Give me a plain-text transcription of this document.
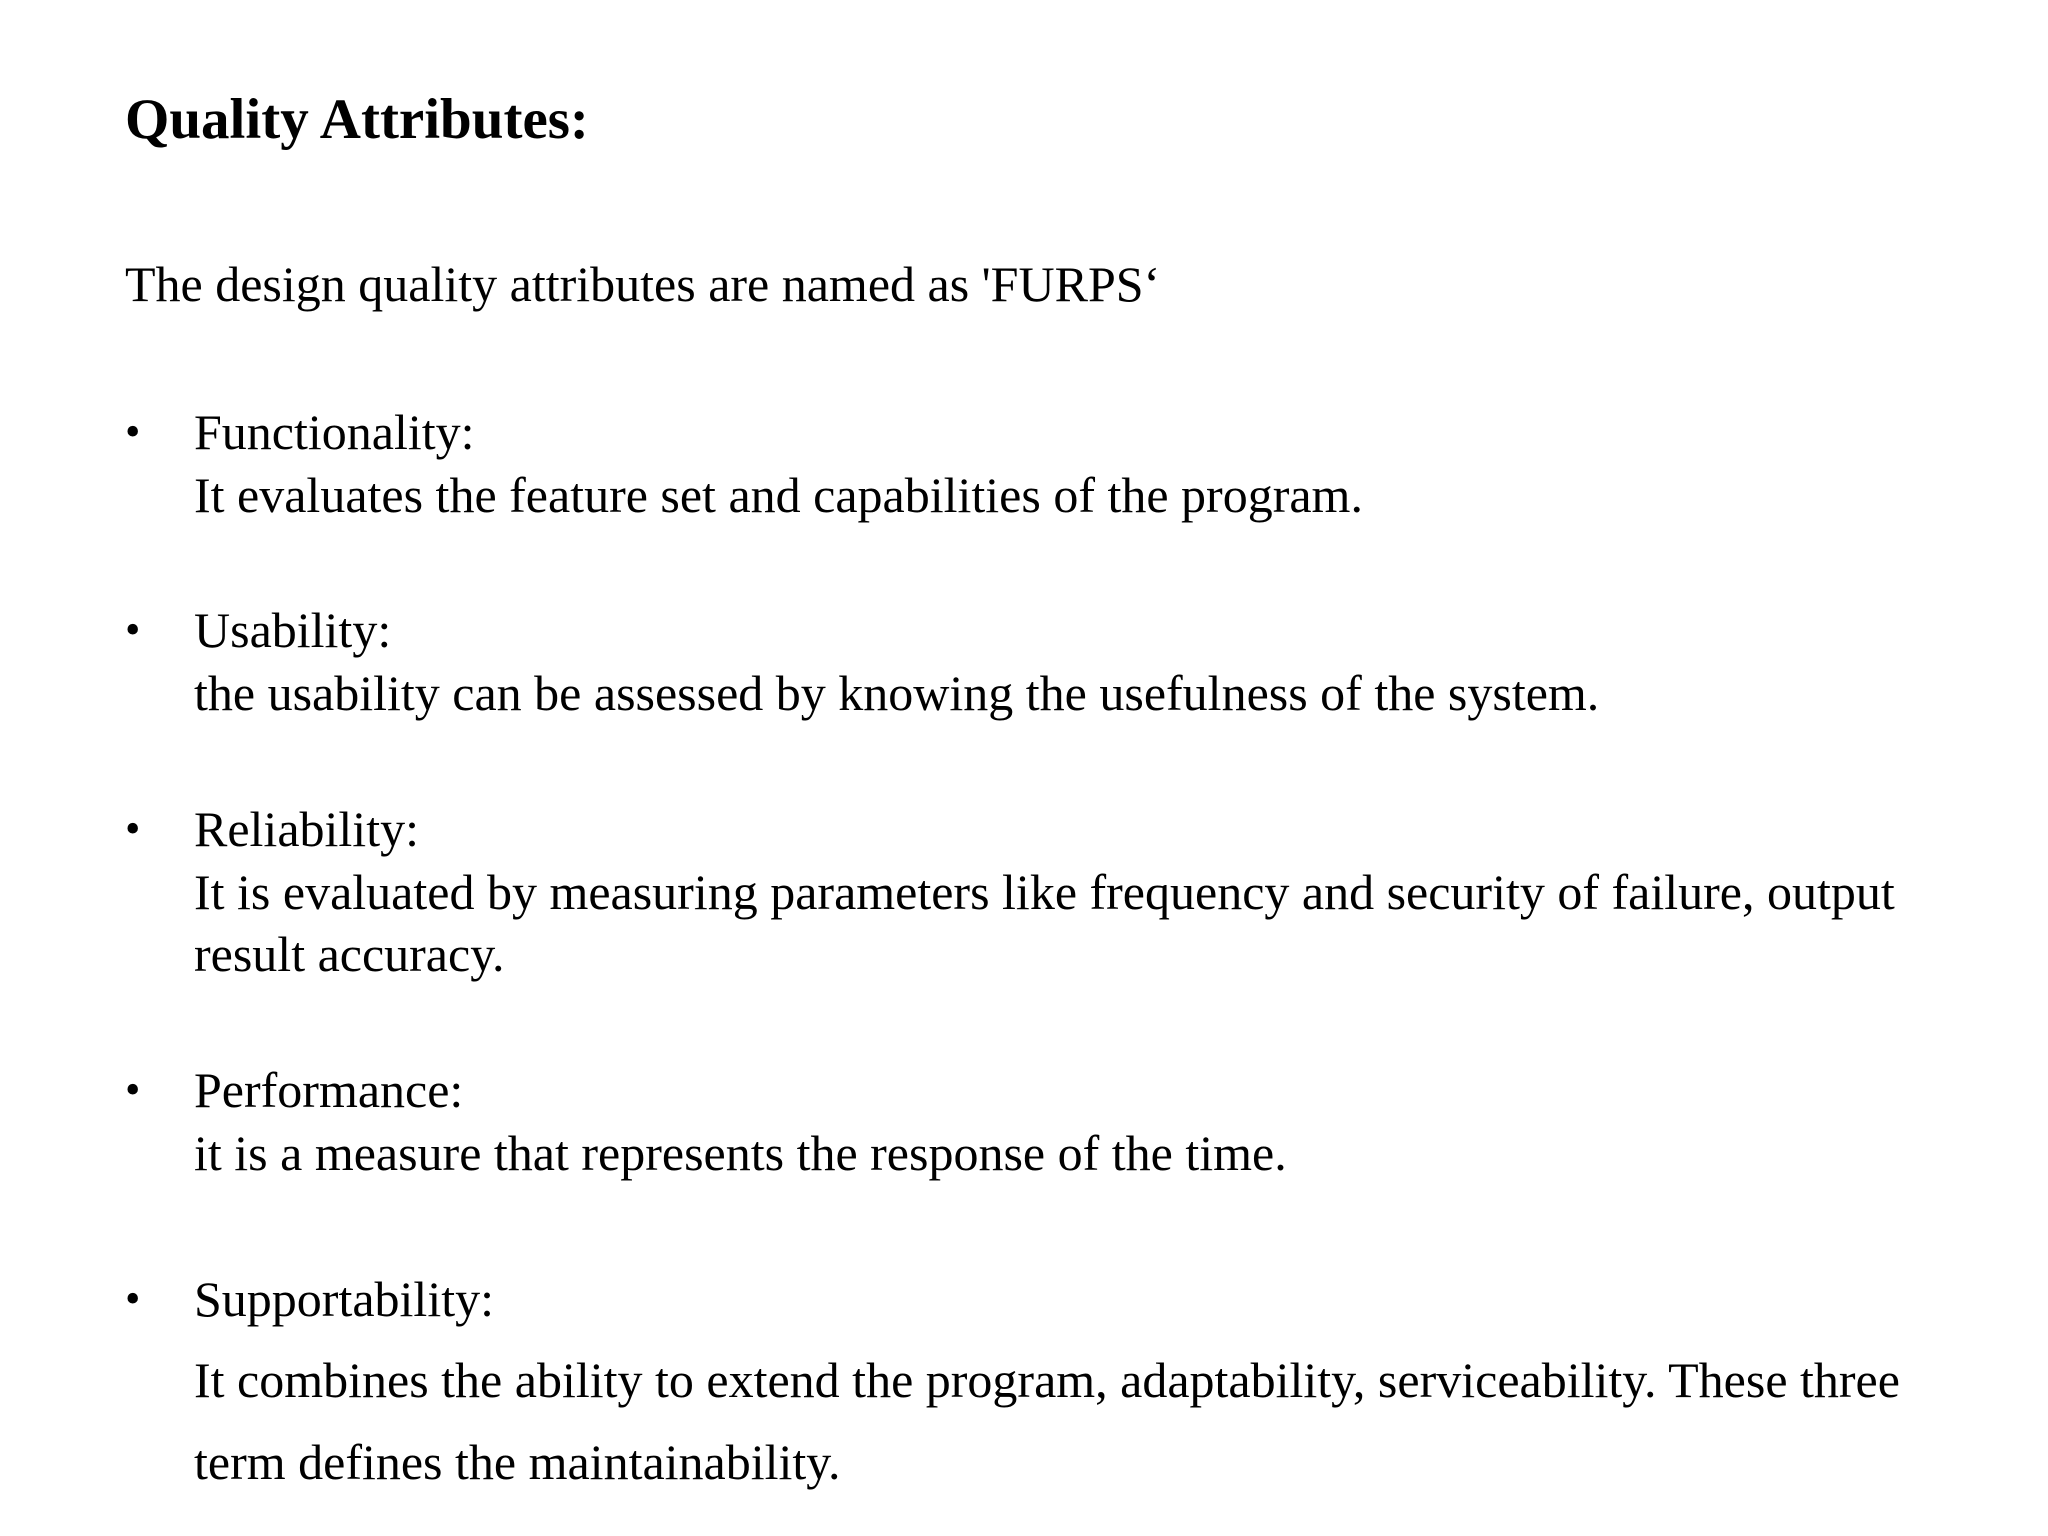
Quality Attributes:
The design quality attributes are named as 'FURPS‘
• Functionality:
It evaluates the feature set and capabilities of the program.
• Usability:
the usability can be assessed by knowing the usefulness of the system.
• Reliability:
It is evaluated by measuring parameters like frequency and security of failure, output result accuracy.
• Performance:
it is a measure that represents the response of the time.
• Supportability:
It combines the ability to extend the program, adaptability, serviceability. These three term defines the maintainability.
